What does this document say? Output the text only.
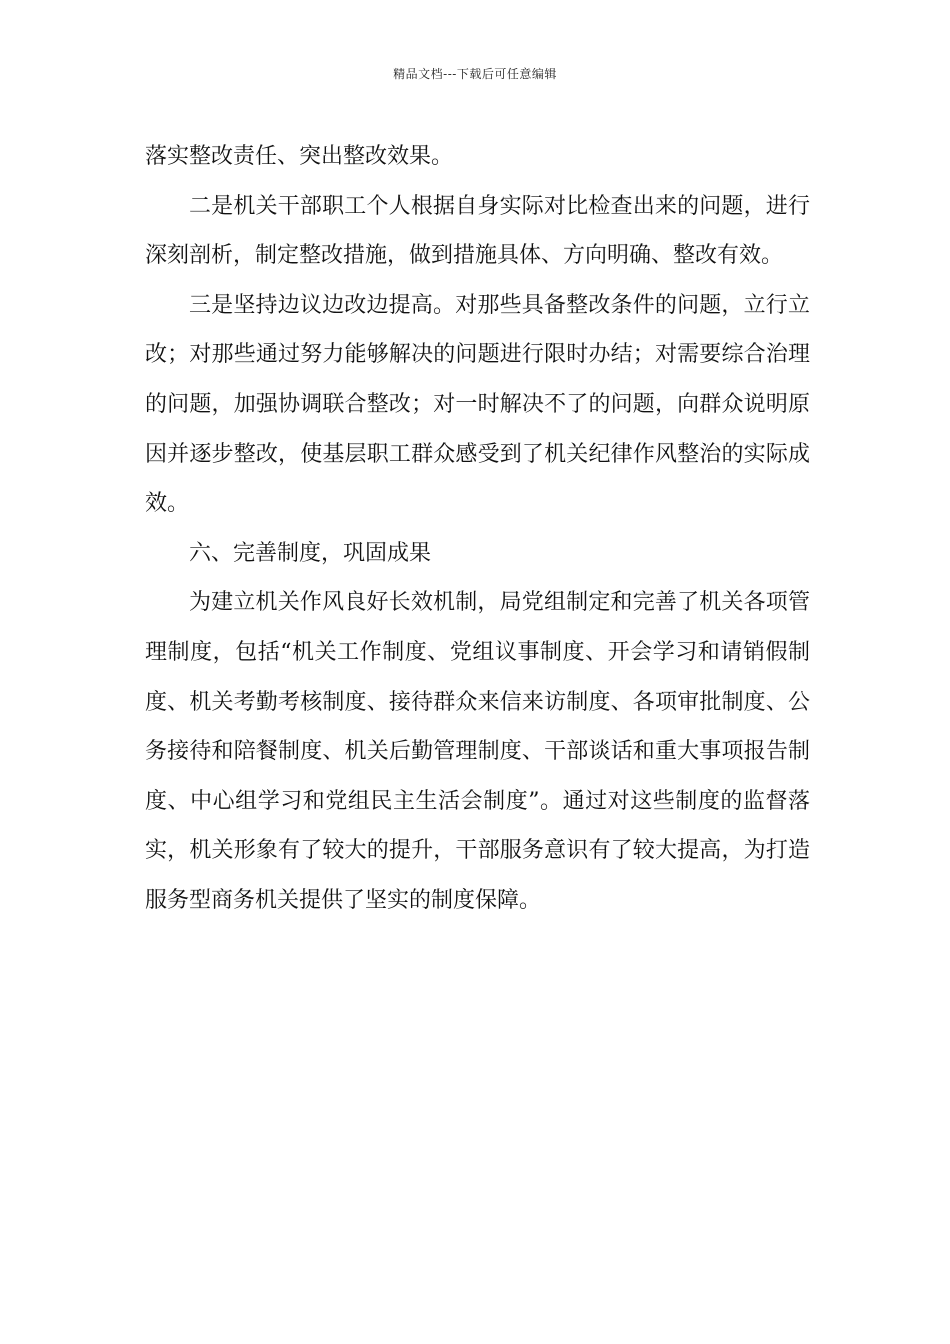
精品文档---下载后可任意编辑

落实整改责任、突出整改效果。

二是机关干部职工个人根据自身实际对比检查出来的问题，进行深刻剖析，制定整改措施，做到措施具体、方向明确、整改有效。

三是坚持边议边改边提高。对那些具备整改条件的问题，立行立改；对那些通过努力能够解决的问题进行限时办结；对需要综合治理的问题，加强协调联合整改；对一时解决不了的问题，向群众说明原因并逐步整改，使基层职工群众感受到了机关纪律作风整治的实际成效。

六、完善制度，巩固成果

为建立机关作风良好长效机制，局党组制定和完善了机关各项管理制度，包括“机关工作制度、党组议事制度、开会学习和请销假制度、机关考勤考核制度、接待群众来信来访制度、各项审批制度、公务接待和陪餐制度、机关后勤管理制度、干部谈话和重大事项报告制度、中心组学习和党组民主生活会制度”。通过对这些制度的监督落实，机关形象有了较大的提升，干部服务意识有了较大提高，为打造服务型商务机关提供了坚实的制度保障。
